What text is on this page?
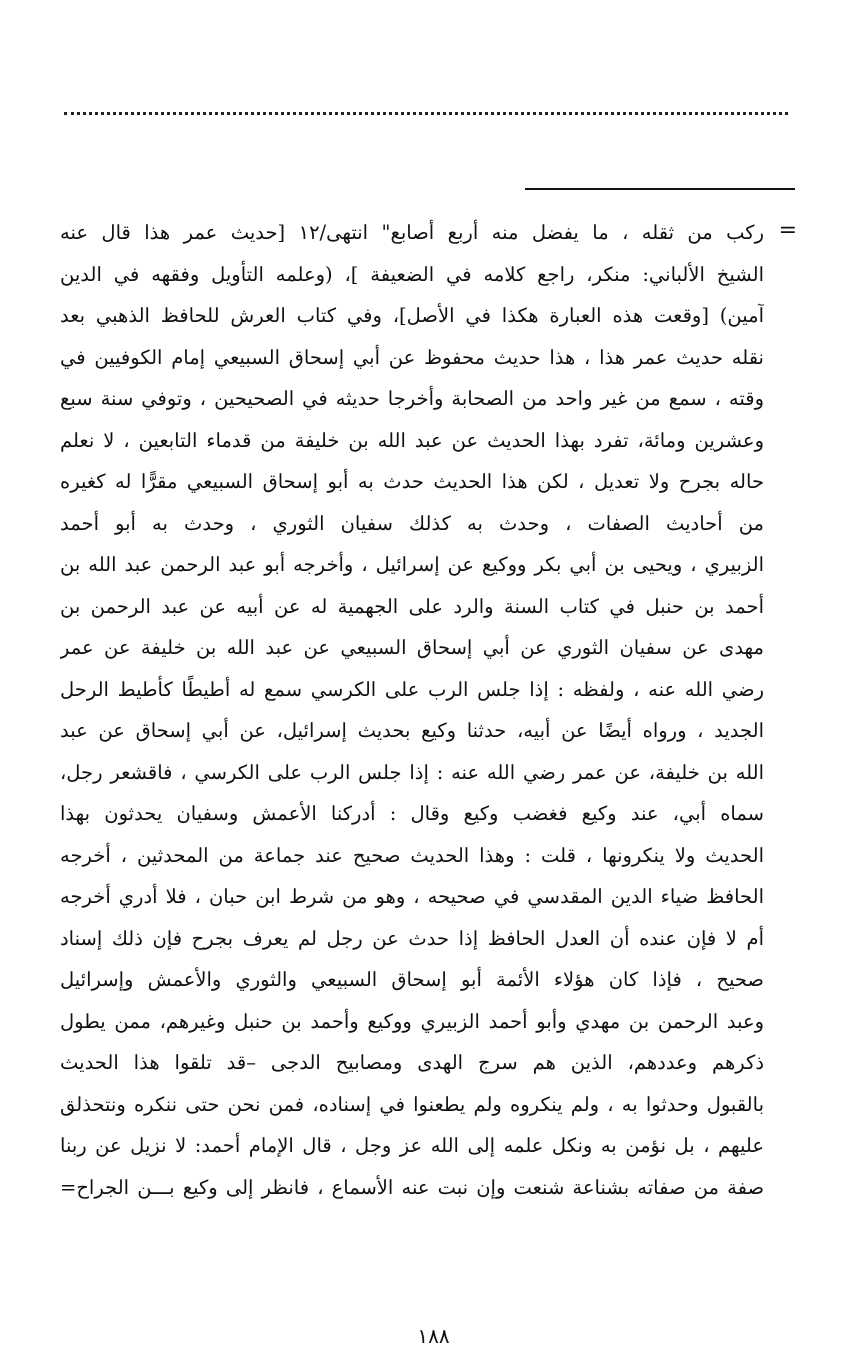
=
ركب من ثقله ، ما يفضل منه أربع أصابع" انتهى/١٢ [حديث عمر هذا قال عنه
الشيخ الألباني: منكر، راجع كلامه في الضعيفة ]، (وعلمه التأويل وفقهه في الدين
آمين) [وقعت هذه العبارة هكذا في الأصل]، وفي كتاب العرش للحافظ الذهبي بعد
نقله حديث عمر هذا ، هذا حديث محفوظ عن أبي إسحاق السبيعي إمام الكوفيين في
وقته ، سمع من غير واحد من الصحابة وأخرجا حديثه في الصحيحين ، وتوفي سنة سبع
وعشرين ومائة، تفرد بهذا الحديث عن عبد الله بن خليفة من قدماء التابعين ، لا نعلم
حاله بجرح ولا تعديل ، لكن هذا الحديث حدث به أبو إسحاق السبيعي مقرًّا له كغيره
من أحاديث الصفات ، وحدث به كذلك سفيان الثوري ، وحدث به أبو أحمد
الزبيري ، ويحيى بن أبي بكر ووكيع عن إسرائيل ، وأخرجه أبو عبد الرحمن عبد الله بن
أحمد بن حنبل في كتاب السنة والرد على الجهمية له عن أبيه عن عبد الرحمن بن
مهدى عن سفيان الثوري عن أبي إسحاق السبيعي عن عبد الله بن خليفة عن عمر
رضي الله عنه ، ولفظه : إذا جلس الرب على الكرسي سمع له أطيطًا كأطيط الرحل
الجديد ، ورواه أيضًا عن أبيه، حدثنا وكيع بحديث إسرائيل، عن أبي إسحاق عن عبد
الله بن خليفة، عن عمر رضي الله عنه : إذا جلس الرب على الكرسي ، فاقشعر رجل،
سماه أبي، عند وكيع فغضب وكيع وقال : أدركنا الأعمش وسفيان يحدثون بهذا
الحديث ولا ينكرونها ، قلت : وهذا الحديث صحيح عند جماعة من المحدثين ، أخرجه
الحافظ ضياء الدين المقدسي في صحيحه ، وهو من شرط ابن حبان ، فلا أدري أخرجه
أم لا فإن عنده أن العدل الحافظ إذا حدث عن رجل لم يعرف بجرح فإن ذلك إسناد
صحيح ، فإذا كان هؤلاء الأئمة أبو إسحاق السبيعي والثوري والأعمش وإسرائيل
وعبد الرحمن بن مهدي وأبو أحمد الزبيري ووكيع وأحمد بن حنبل وغيرهم، ممن يطول
ذكرهم وعددهم، الذين هم سرج الهدى ومصابيح الدجى –قد تلقوا هذا الحديث
بالقبول وحدثوا به ، ولم ينكروه ولم يطعنوا في إسناده، فمن نحن حتى ننكره ونتحذلق
عليهم ، بل نؤمن به ونكل علمه إلى الله عز وجل ، قال الإمام أحمد: لا نزيل عن ربنا
صفة من صفاته بشناعة شنعت وإن نبت عنه الأسماع ، فانظر إلى وكيع بـــن الجراح=
١٨٨
